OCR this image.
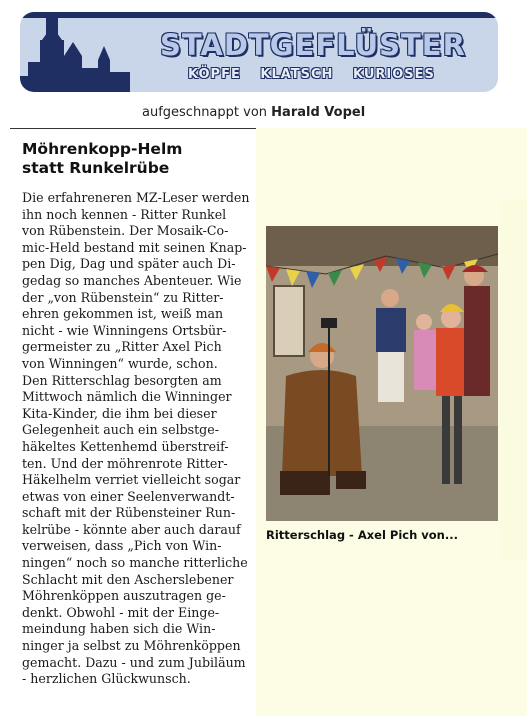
STADTGEFLÜSTER
KÖPFE KLATSCH KURIOSES
aufgeschnappt von Harald Vopel
Möhrenkopp-Helm
statt Runkelrübe
Die erfahreneren MZ-Leser werden
ihn noch kennen - Ritter Runkel
von Rübenstein. Der Mosaik-Co-
mic-Held bestand mit seinen Knap-
pen Dig, Dag und später auch Di-
gedag so manches Abenteuer. Wie
der „von Rübenstein“ zu Ritter-
ehren gekommen ist, weiß man
nicht - wie Winningens Ortsbür-
germeister zu „Ritter Axel Pich
von Winningen“ wurde, schon.
Den Ritterschlag besorgten am
Mittwoch nämlich die Winninger
Kita-Kinder, die ihm bei dieser
Gelegenheit auch ein selbstge-
häkeltes Kettenhemd überstreif-
ten. Und der möhrenrote Ritter-
Häkelhelm verriet vielleicht sogar
etwas von einer Seelenverwandt-
schaft mit der Rübensteiner Run-
kelrübe - könnte aber auch darauf
verweisen, dass „Pich von Win-
ningen“ noch so manche ritterliche
Schlacht mit den Ascherslebener
Möhrenköppen auszutragen ge-
denkt. Obwohl - mit der Einge-
meindung haben sich die Win-
ninger ja selbst zu Möhrenköppen
gemacht. Dazu - und zum Jubiläum
- herzlichen Glückwunsch.
Ritterschlag - Axel Pich von...
